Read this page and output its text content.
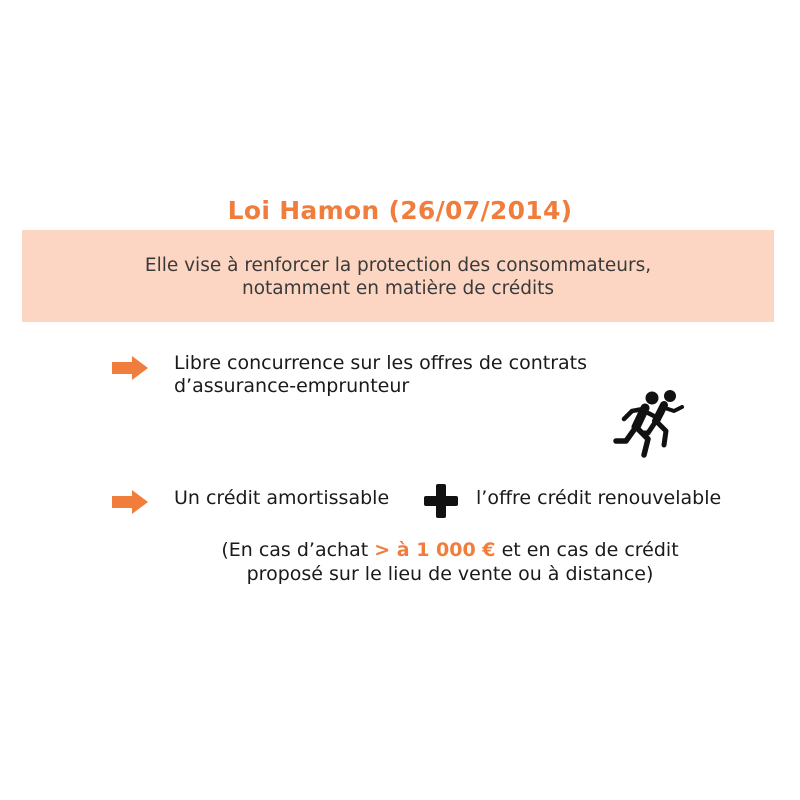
Loi Hamon (26/07/2014)
Elle vise à renforcer la protection des consommateurs,
notamment en matière de crédits
Libre concurrence sur les offres de contrats
d’assurance-emprunteur
Un crédit amortissable	l’offre crédit renouvelable
(En cas d’achat > à 1 000 € et en cas de crédit
proposé sur le lieu de vente ou à distance)
